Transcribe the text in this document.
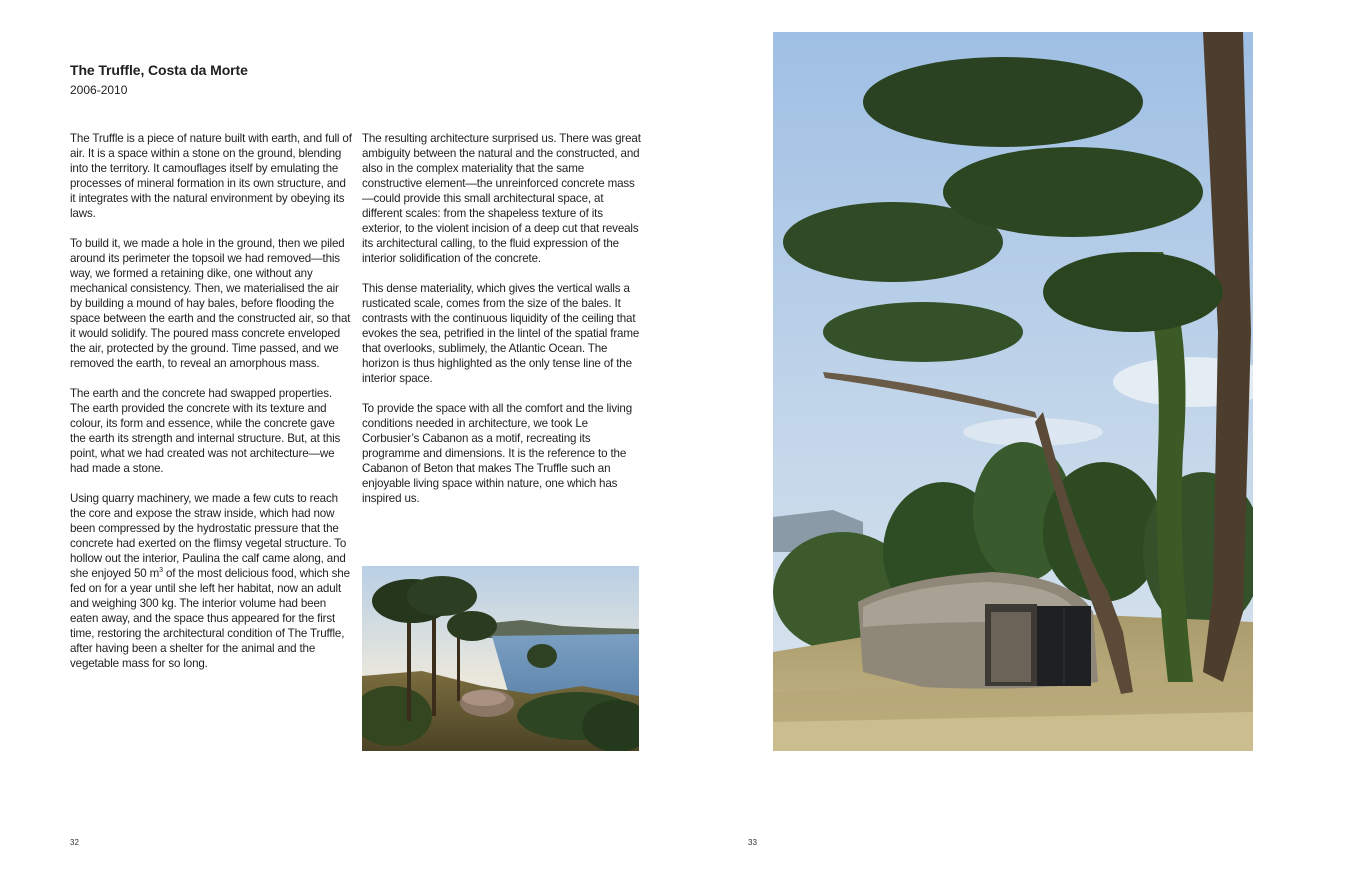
The Truffle, Costa da Morte
2006-2010

The Truffle is a piece of nature built with earth, and full of air. It is a space within a stone on the ground, blending into the territory. It camouflages itself by emulating the processes of mineral formation in its own structure, and it integrates with the natural environment by obeying its laws.

To build it, we made a hole in the ground, then we piled around its perimeter the topsoil we had removed—this way, we formed a retaining dike, one without any mechanical consistency. Then, we materialised the air by building a mound of hay bales, before flooding the space between the earth and the constructed air, so that it would solidify. The poured mass concrete enveloped the air, protected by the ground. Time passed, and we removed the earth, to reveal an amorphous mass.

The earth and the concrete had swapped properties. The earth provided the concrete with its texture and colour, its form and essence, while the concrete gave the earth its strength and internal structure. But, at this point, what we had created was not architecture—we had made a stone.

Using quarry machinery, we made a few cuts to reach the core and expose the straw inside, which had now been compressed by the hydrostatic pressure that the concrete had exerted on the flimsy vegetal structure. To hollow out the interior, Paulina the calf came along, and she enjoyed 50 $m^3$ of the most delicious food, which she fed on for a year until she left her habitat, now an adult and weighing 300 kg. The interior volume had been eaten away, and the space thus appeared for the first time, restoring the architectural condition of The Truffle, after having been a shelter for the animal and the vegetable mass for so long.

The resulting architecture surprised us. There was great ambiguity between the natural and the constructed, and also in the complex materiality that the same constructive element—the unreinforced concrete mass—could provide this small architectural space, at different scales: from the shapeless texture of its exterior, to the violent incision of a deep cut that reveals its architectural calling, to the fluid expression of the interior solidification of the concrete.

This dense materiality, which gives the vertical walls a rusticated scale, comes from the size of the bales. It contrasts with the continuous liquidity of the ceiling that evokes the sea, petrified in the lintel of the spatial frame that overlooks, sublimely, the Atlantic Ocean. The horizon is thus highlighted as the only tense line of the interior space.

To provide the space with all the comfort and the living conditions needed in architecture, we took Le Corbusier’s Cabanon as a motif, recreating its programme and dimensions. It is the reference to the Cabanon of Beton that makes The Truffle such an enjoyable living space within nature, one which has inspired us.

32	33
